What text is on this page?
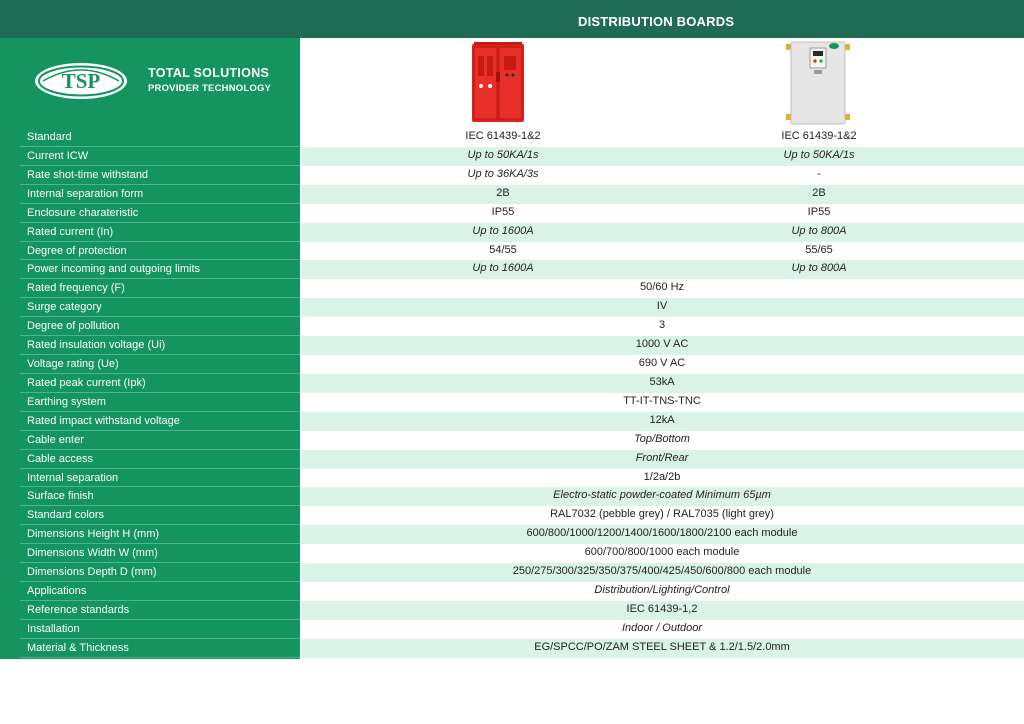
DISTRIBUTION BOARDS
TSP	TOTAL SOLUTIONS
PROVIDER TECHNOLOGY
Standard	IEC 61439-1&2	IEC 61439-1&2
Current ICW	Up to 50KA/1s	Up to 50KA/1s
Rate shot-time withstand	Up to 36KA/3s	-
Internal separation form	2B	2B
Enclosure charateristic	IP55	IP55
Rated current (In)	Up to 1600A	Up to 800A
Degree of protection	54/55	55/65
Power incoming and outgoing limits	Up to 1600A	Up to 800A
Rated frequency (F)	50/60 Hz
Surge category	IV
Degree of pollution	3
Rated insulation voltage (Ui)	1000 V AC
Voltage rating (Ue)	690 V AC
Rated peak current (Ipk)	53kA
Earthing system	TT-IT-TNS-TNC
Rated impact withstand voltage	12kA
Cable enter	Top/Bottom
Cable access	Front/Rear
Internal separation	1/2a/2b
Surface finish	Electro-static powder-coated Minimum 65µm
Standard colors	RAL7032 (pebble grey) / RAL7035 (light grey)
Dimensions Height H (mm)	600/800/1000/1200/1400/1600/1800/2100 each module
Dimensions Width W (mm)	600/700/800/1000 each module
Dimensions Depth D (mm)	250/275/300/325/350/375/400/425/450/600/800 each module
Applications	Distribution/Lighting/Control
Reference standards	IEC 61439-1,2
Installation	Indoor / Outdoor
Material & Thickness	EG/SPCC/PO/ZAM STEEL SHEET & 1.2/1.5/2.0mm
